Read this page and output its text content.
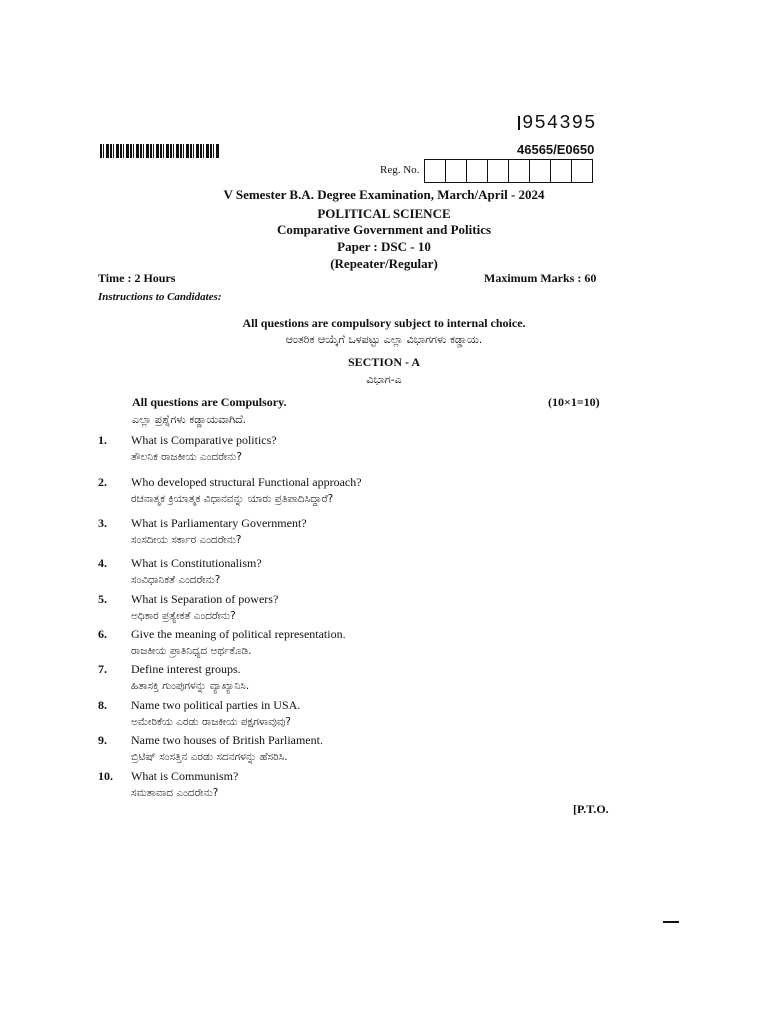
954395
46565/E0650
Reg. No.
V Semester B.A. Degree Examination, March/April - 2024
POLITICAL SCIENCE
Comparative Government and Politics
Paper : DSC - 10
(Repeater/Regular)
Time : 2 Hours	Maximum Marks : 60
Instructions to Candidates:
All questions are compulsory subject to internal choice.
ಆಂತರಿಕ ಆಯ್ಕೆಗೆ ಒಳಪಟ್ಟು ಎಲ್ಲಾ ವಿಭಾಗಗಳು ಕಡ್ಡಾಯ.
SECTION - A
ವಿಭಾಗ-ಎ
All questions are Compulsory.
ಎಲ್ಲಾ ಪ್ರಶ್ನೆಗಳು ಕಡ್ಡಾಯವಾಗಿದೆ.
(10×1=10)
1.	What is Comparative politics?
ತೌಲನಿಕ ರಾಜಕೀಯ ಎಂದರೇನು?
2.	Who developed structural Functional approach?
ರಚನಾತ್ಮಕ ಕ್ರಿಯಾತ್ಮಕ ವಿಧಾನವನ್ನು ಯಾರು ಪ್ರತಿಪಾದಿಸಿದ್ದಾರೆ?
3.	What is Parliamentary Government?
ಸಂಸದೀಯ ಸರ್ಕಾರ ಎಂದರೇನು?
4.	What is Constitutionalism?
ಸಂವಿಧಾನಿಕತೆ ಎಂದರೇನು?
5.	What is Separation of powers?
ಅಧಿಕಾರ ಪ್ರತ್ಯೇಕತೆ ಎಂದರೇನು?
6.	Give the meaning of political representation.
ರಾಜಕೀಯ ಪ್ರಾತಿನಿಧ್ಯದ ಅರ್ಥಕೊಡಿ.
7.	Define interest groups.
ಹಿತಾಸಕ್ತಿ ಗುಂಪುಗಳನ್ನು ವ್ಯಾಖ್ಯಾನಿಸಿ.
8.	Name two political parties in USA.
ಅಮೇರಿಕೆಯ ಎರಡು ರಾಜಕೀಯ ಪಕ್ಷಗಳಾವುವು?
9.	Name two houses of British Parliament.
ಬ್ರಿಟಿಷ್ ಸಂಸತ್ತಿನ ಎರಡು ಸದನಗಳನ್ನು ಹೆಸರಿಸಿ.
10.	What is Communism?
ಸಮತಾವಾದ ಎಂದರೇನು?
[P.T.O.
